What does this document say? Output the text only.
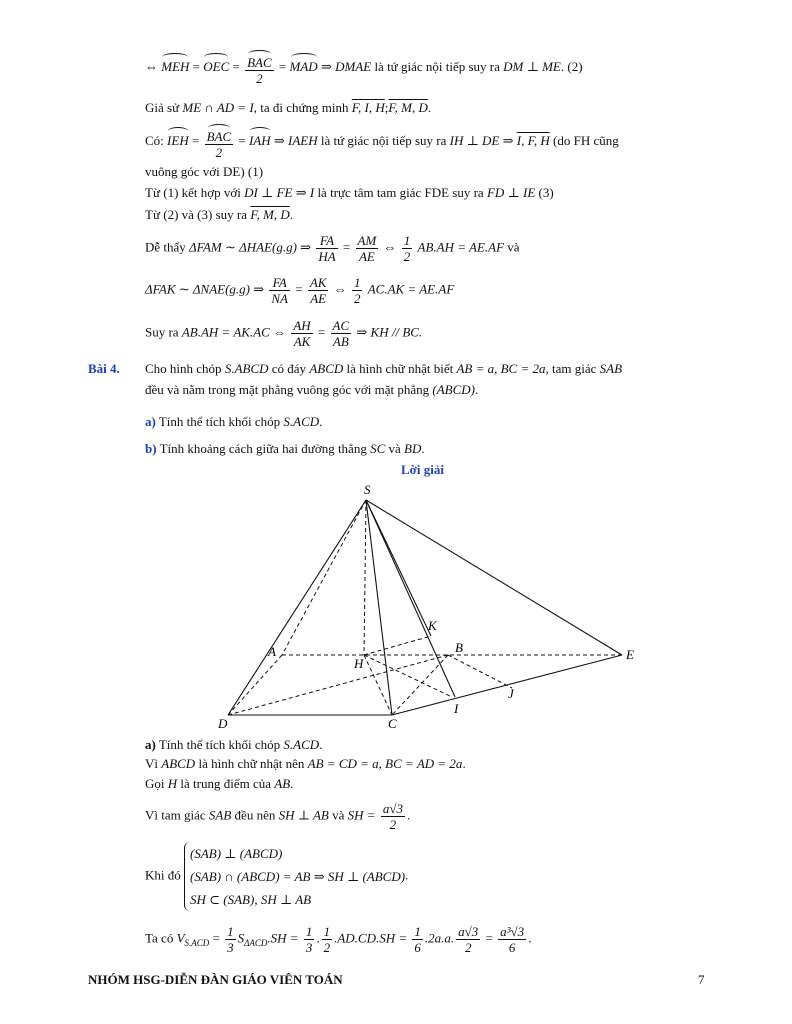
⇔ MEH = OEC = $\frac{\text{BAC}}{2}$ = MAD ⇒ DMAE là tứ giác nội tiếp suy ra DM ⊥ ME. (2)
Giả sử ME ∩ AD = I, ta đi chứng minh F, I, H;F, M, D.
Có: IEH = $\frac{\text{BAC}}{2}$ = IAH ⇒ IAEH là tứ giác nội tiếp suy ra IH ⊥ DE ⇒ I, F, H (do FH cũng
vuông góc với DE) (1)
Từ (1) kết hợp với DI ⊥ FE ⇒ I là trực tâm tam giác FDE suy ra FD ⊥ IE (3)
Từ (2) và (3) suy ra F, M, D.
Dễ thấy ΔFAM ∼ ΔHAE(g.g) ⇒ $\frac{FA}{HA} = \frac{AM}{AE}$ ⇔ $\frac{1}{2} AB.AH = AE.AF$ và
ΔFAK ∼ ΔNAE(g.g) ⇒ $\frac{FA}{NA} = \frac{AK}{AE}$ ⇔ $\frac{1}{2} AC.AK = AE.AF$
Suy ra AB.AH = AK.AC ⇔ $\frac{AH}{AK} = \frac{AC}{AB}$ ⇒ KH // BC.
Bài 4. Cho hình chóp S.ABCD có đáy ABCD là hình chữ nhật biết AB = a, BC = 2a, tam giác SAB
đều và nằm trong mặt phẳng vuông góc với mặt phẳng (ABCD).
a) Tính thể tích khối chóp S.ACD.
b) Tính khoảng cách giữa hai đường thẳng SC và BD.
Lời giải
S
A
H
K
B	E
J
I
D	C
a) Tính thể tích khối chóp S.ACD.
Vì ABCD là hình chữ nhật nên AB = CD = a, BC = AD = 2a.
Gọi H là trung điểm của AB.
Vì tam giác SAB đều nên SH ⊥ AB và SH = $\frac{a√3}{2}$ .
Khi đó
(SAB) ⊥ (ABCD)
(SAB) ∩ (ABCD) = AB ⇒ SH ⊥ (ABCD)
SH ⊂ (SAB), SH ⊥ AB
.
Ta có $V_{S.ACD} = \frac{1}{3} S_{\Delta ACD}.SH = \frac{1}{3}$ . $\frac{1}{2} .AD.CD.SH = \frac{1}{6} .2a.a$. $\frac{a√3}{2} = \frac{\text{a³√3}}{6}$ .
NHÓM HSG-DIỄN ĐÀN GIÁO VIÊN TOÁN	7
